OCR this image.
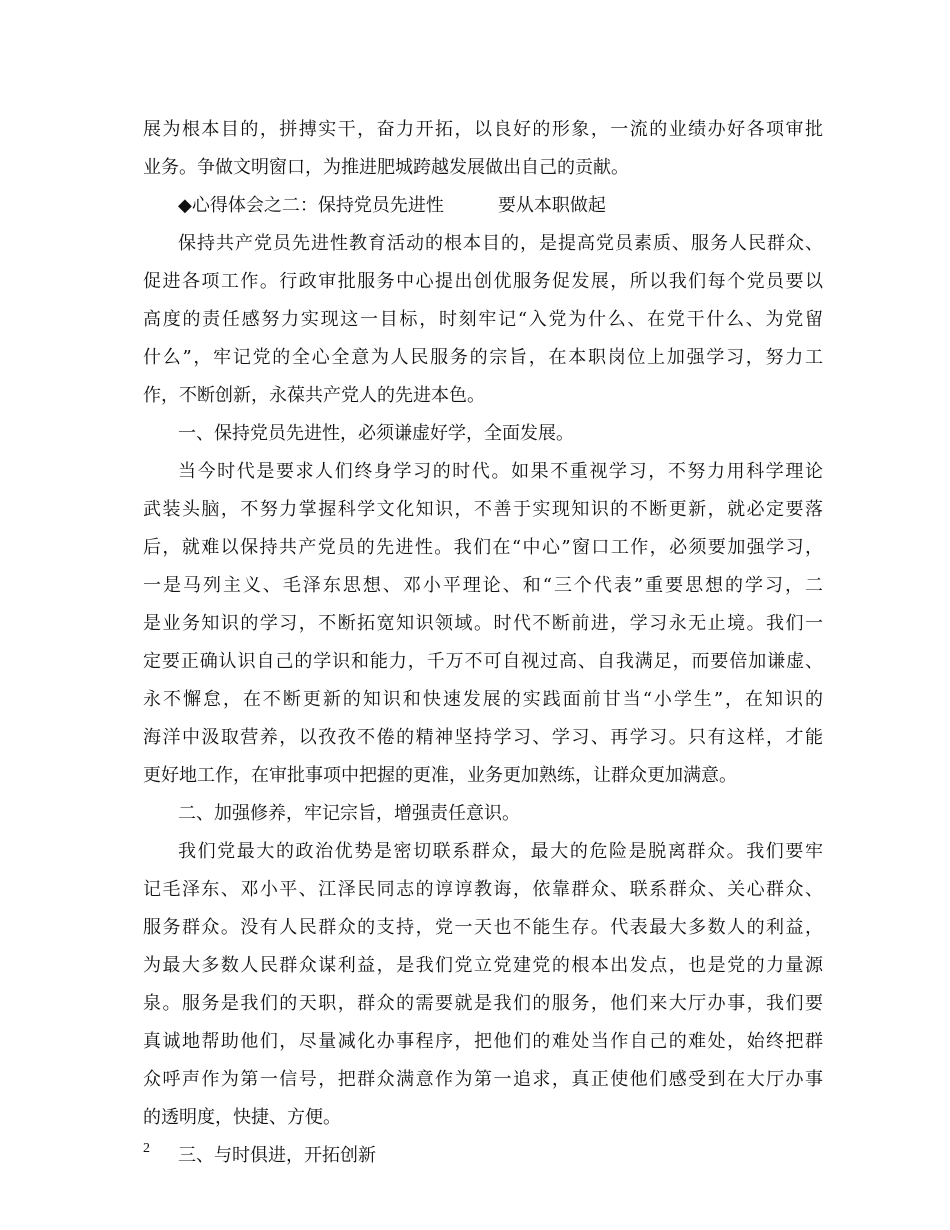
展为根本目的，拼搏实干，奋力开拓，以良好的形象，一流的业绩办好各项审批
业务。争做文明窗口，为推进肥城跨越发展做出自己的贡献。
◆心得体会之二：保持党员先进性　　　要从本职做起
保持共产党员先进性教育活动的根本目的，是提高党员素质、服务人民群众、
促进各项工作。行政审批服务中心提出创优服务促发展，所以我们每个党员要以
高度的责任感努力实现这一目标，时刻牢记“入党为什么、在党干什么、为党留
什么”，牢记党的全心全意为人民服务的宗旨，在本职岗位上加强学习，努力工
作，不断创新，永葆共产党人的先进本色。
一、保持党员先进性，必须谦虚好学，全面发展。
当今时代是要求人们终身学习的时代。如果不重视学习，不努力用科学理论
武装头脑，不努力掌握科学文化知识，不善于实现知识的不断更新，就必定要落
后，就难以保持共产党员的先进性。我们在“中心”窗口工作，必须要加强学习，
一是马列主义、毛泽东思想、邓小平理论、和“三个代表”重要思想的学习，二
是业务知识的学习，不断拓宽知识领域。时代不断前进，学习永无止境。我们一
定要正确认识自己的学识和能力，千万不可自视过高、自我满足，而要倍加谦虚、
永不懈怠，在不断更新的知识和快速发展的实践面前甘当“小学生”，在知识的
海洋中汲取营养，以孜孜不倦的精神坚持学习、学习、再学习。只有这样，才能
更好地工作，在审批事项中把握的更准，业务更加熟练，让群众更加满意。
二、加强修养，牢记宗旨，增强责任意识。
我们党最大的政治优势是密切联系群众，最大的危险是脱离群众。我们要牢
记毛泽东、邓小平、江泽民同志的谆谆教诲，依靠群众、联系群众、关心群众、
服务群众。没有人民群众的支持，党一天也不能生存。代表最大多数人的利益，
为最大多数人民群众谋利益，是我们党立党建党的根本出发点，也是党的力量源
泉。服务是我们的天职，群众的需要就是我们的服务，他们来大厅办事，我们要
真诚地帮助他们，尽量减化办事程序，把他们的难处当作自己的难处，始终把群
众呼声作为第一信号，把群众满意作为第一追求，真正使他们感受到在大厅办事
的透明度，快捷、方便。
三、与时俱进，开拓创新
2
